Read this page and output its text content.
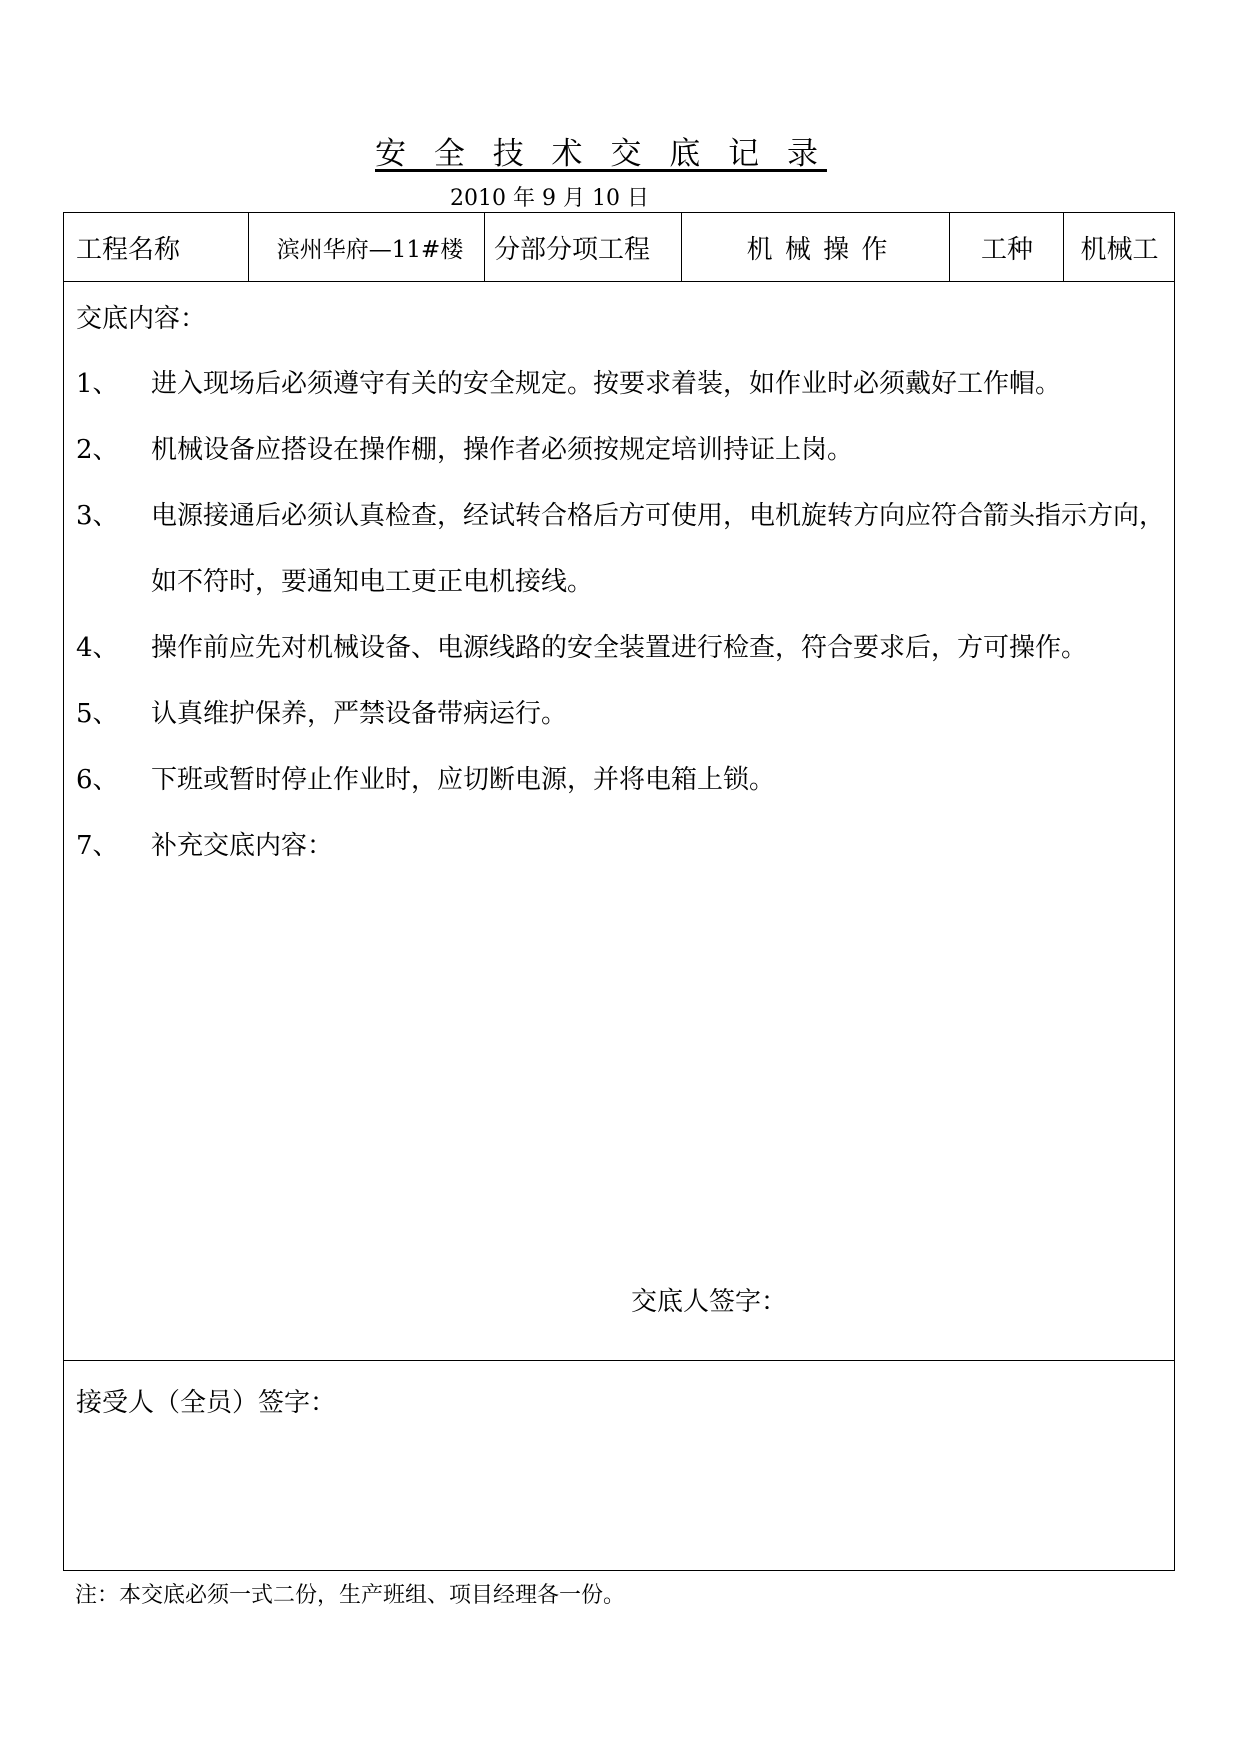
安 全 技 术 交 底 记 录
2010 年 9 月 10 日
工程名称	滨州华府—11#楼	分部分项工程	机 械 操 作	工种	机械工
交底内容：
1、 进入现场后必须遵守有关的安全规定。按要求着装，如作业时必须戴好工作帽。
2、 机械设备应搭设在操作棚，操作者必须按规定培训持证上岗。
3、 电源接通后必须认真检查，经试转合格后方可使用，电机旋转方向应符合箭头指示方向，
如不符时，要通知电工更正电机接线。
4、 操作前应先对机械设备、电源线路的安全装置进行检查，符合要求后，方可操作。
5、 认真维护保养，严禁设备带病运行。
6、 下班或暂时停止作业时，应切断电源，并将电箱上锁。
7、 补充交底内容：
交底人签字：
接受人（全员）签字：
注：本交底必须一式二份，生产班组、项目经理各一份。
